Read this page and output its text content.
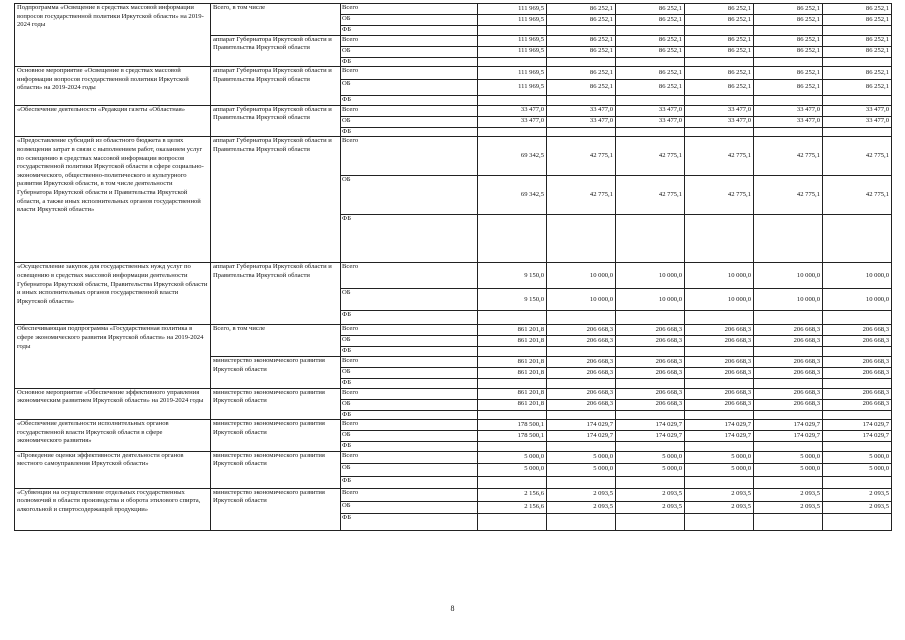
Подпрограмма «Освещение в средствах массовой информации вопросов государственной политики Иркутской области» на 2019-2024 годы	Всего, в том числе	Всего	111 969,5	86 252,1	86 252,1	86 252,1	86 252,1	86 252,1
		ОБ	111 969,5	86 252,1	86 252,1	86 252,1	86 252,1	86 252,1
		ФБ						
	аппарат Губернатора Иркутской области и Правительства Иркутской области	Всего	111 969,5	86 252,1	86 252,1	86 252,1	86 252,1	86 252,1
		ОБ	111 969,5	86 252,1	86 252,1	86 252,1	86 252,1	86 252,1
		ФБ						
Основное мероприятие «Освещение в средствах массовой информации вопросов государственной политики Иркутской области» на 2019-2024 годы	аппарат Губернатора Иркутской области и Правительства Иркутской области	Всего	111 969,5	86 252,1	86 252,1	86 252,1	86 252,1	86 252,1
		ОБ	111 969,5	86 252,1	86 252,1	86 252,1	86 252,1	86 252,1
		ФБ						
«Обеспечение деятельности «Редакция газеты «Областная»	аппарат Губернатора Иркутской области и Правительства Иркутской области	Всего	33 477,0	33 477,0	33 477,0	33 477,0	33 477,0	33 477,0
		ОБ	33 477,0	33 477,0	33 477,0	33 477,0	33 477,0	33 477,0
		ФБ						
«Предоставление субсидий из областного бюджета в целях возмещения затрат в связи с выполнением работ, оказанием услуг по освещению в средствах массовой информации вопросов государственной политики Иркутской области в сфере социально-экономического, общественно-политического и культурного развития Иркутской области, в том числе деятельности Губернатора Иркутской области и Правительства Иркутской области, а также иных исполнительных органов государственной власти Иркутской области»	аппарат Губернатора Иркутской области и Правительства Иркутской области	Всего	69 342,5	42 775,1	42 775,1	42 775,1	42 775,1	42 775,1
		ОБ	69 342,5	42 775,1	42 775,1	42 775,1	42 775,1	42 775,1
		ФБ						
«Осуществление закупок для государственных нужд услуг по освещению в средствах массовой информации деятельности Губернатора Иркутской области, Правительства Иркутской области и иных исполнительных органов государственной власти Иркутской области»	аппарат Губернатора Иркутской области и Правительства Иркутской области	Всего	9 150,0	10 000,0	10 000,0	10 000,0	10 000,0	10 000,0
		ОБ	9 150,0	10 000,0	10 000,0	10 000,0	10 000,0	10 000,0
		ФБ						
Обеспечивающая подпрограмма «Государственная политика в сфере экономического развития Иркутской области» на 2019-2024 годы	Всего, в том числе	Всего	861 201,8	206 668,3	206 668,3	206 668,3	206 668,3	206 668,3
		ОБ	861 201,8	206 668,3	206 668,3	206 668,3	206 668,3	206 668,3
		ФБ						
	министерство экономического развития Иркутской области	Всего	861 201,8	206 668,3	206 668,3	206 668,3	206 668,3	206 668,3
		ОБ	861 201,8	206 668,3	206 668,3	206 668,3	206 668,3	206 668,3
		ФБ						
Основное мероприятие «Обеспечение эффективного управления экономическим развитием Иркутской области» на 2019-2024 годы	министерство экономического развития Иркутской области	Всего	861 201,8	206 668,3	206 668,3	206 668,3	206 668,3	206 668,3
		ОБ	861 201,8	206 668,3	206 668,3	206 668,3	206 668,3	206 668,3
		ФБ						
«Обеспечение деятельности исполнительных органов государственной власти Иркутской области в сфере экономического развития»	министерство экономического развития Иркутской области	Всего	178 500,1	174 029,7	174 029,7	174 029,7	174 029,7	174 029,7
		ОБ	178 500,1	174 029,7	174 029,7	174 029,7	174 029,7	174 029,7
		ФБ						
«Проведение оценки эффективности деятельности органов местного самоуправления Иркутской области»	министерство экономического развития Иркутской области	Всего	5 000,0	5 000,0	5 000,0	5 000,0	5 000,0	5 000,0
		ОБ	5 000,0	5 000,0	5 000,0	5 000,0	5 000,0	5 000,0
		ФБ						
«Субвенции на осуществление отдельных государственных полномочий в области производства и оборота этилового спирта, алкогольной и спиртосодержащей продукции»	министерство экономического развития Иркутской области	Всего	2 156,6	2 093,5	2 093,5	2 093,5	2 093,5	2 093,5
		ОБ	2 156,6	2 093,5	2 093,5	2 093,5	2 093,5	2 093,5
		ФБ						
8
